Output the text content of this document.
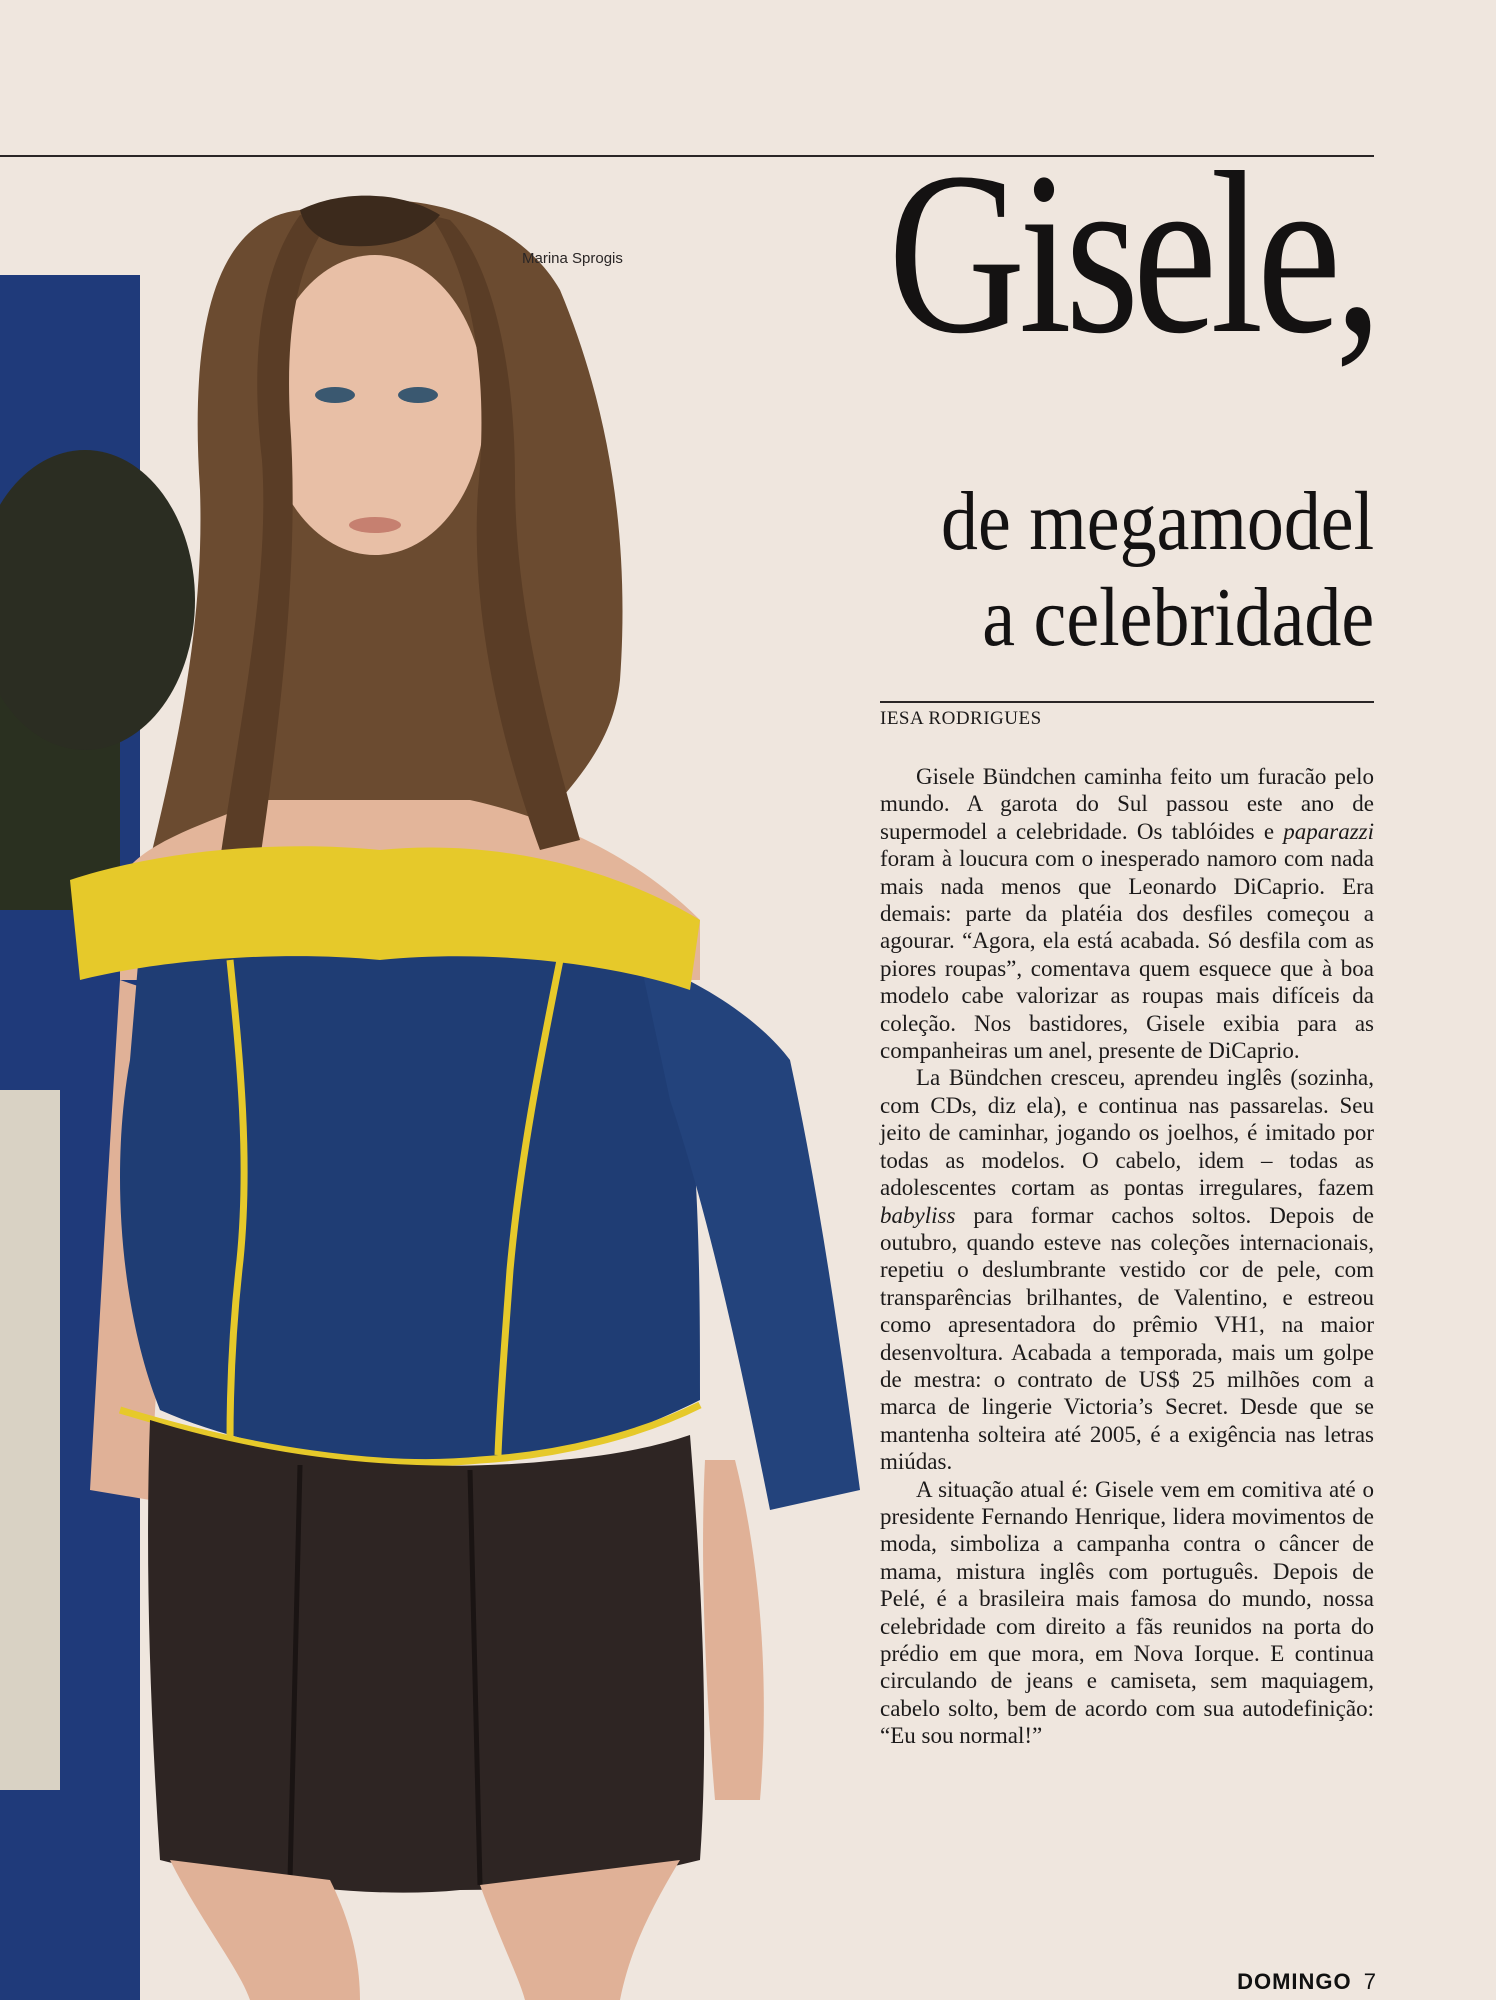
Marina Sprogis Gisele,
de megamodel
a celebridade
IESA RODRIGUES

Gisele Bündchen caminha feito um furacão pelo mundo. A garota do Sul passou este ano de supermodel a celebridade. Os tablóides e paparazzi foram à loucura com o inesperado namoro com nada mais nada menos que Leonardo DiCaprio. Era demais: parte da platéia dos desfiles começou a agourar. “Agora, ela está acabada. Só desfila com as piores roupas”, comentava quem esquece que à boa modelo cabe valorizar as roupas mais difíceis da coleção. Nos bastidores, Gisele exibia para as companheiras um anel, presente de DiCaprio.

La Bündchen cresceu, aprendeu inglês (sozinha, com CDs, diz ela), e continua nas passarelas. Seu jeito de caminhar, jogando os joelhos, é imitado por todas as modelos. O cabelo, idem – todas as adolescentes cortam as pontas irregulares, fazem babyliss para formar cachos soltos. Depois de outubro, quando esteve nas coleções internacionais, repetiu o deslumbrante vestido cor de pele, com transparências brilhantes, de Valentino, e estreou como apresentadora do prêmio VH1, na maior desenvoltura. Acabada a temporada, mais um golpe de mestra: o contrato de US$ 25 milhões com a marca de lingerie Victoria’s Secret. Desde que se mantenha solteira até 2005, é a exigência nas letras miúdas.

A situação atual é: Gisele vem em comitiva até o presidente Fernando Henrique, lidera movimentos de moda, simboliza a campanha contra o câncer de mama, mistura inglês com português. Depois de Pelé, é a brasileira mais famosa do mundo, nossa celebridade com direito a fãs reunidos na porta do prédio em que mora, em Nova Iorque. E continua circulando de jeans e camiseta, sem maquiagem, cabelo solto, bem de acordo com sua autodefinição: “Eu sou normal!”

DOMINGO 7
